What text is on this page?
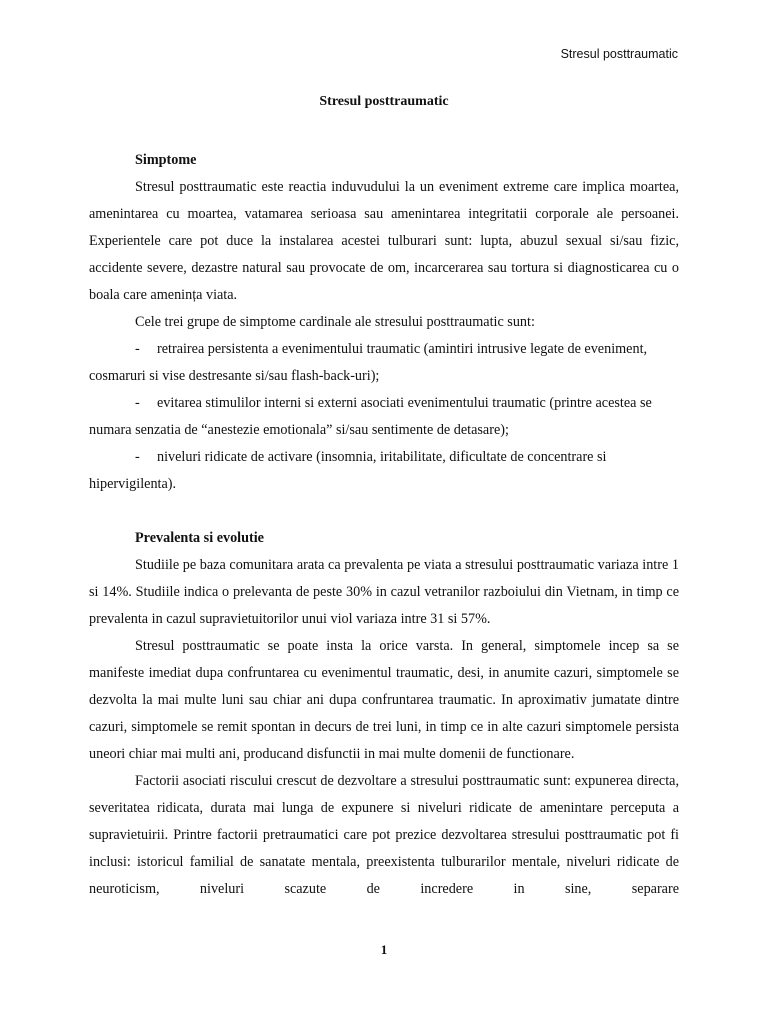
Stresul posttraumatic
Stresul posttraumatic

Simptome

Stresul posttraumatic este reactia induvudului la un eveniment extreme care implica moartea, amenintarea cu moartea, vatamarea serioasa sau amenintarea integritatii corporale ale persoanei. Experientele care pot duce la instalarea acestei tulburari sunt: lupta, abuzul sexual si/sau fizic, accidente severe, dezastre natural sau provocate de om, incarcerarea sau tortura si diagnosticarea cu o boala care amenința viata.

Cele trei grupe de simptome cardinale ale stresului posttraumatic sunt:

- retrairea persistenta a evenimentului traumatic (amintiri intrusive legate de eveniment, cosmaruri si vise destresante si/sau flash-back-uri);

- evitarea stimulilor interni si externi asociati evenimentului traumatic (printre acestea se numara senzatia de “anestezie emotionala” si/sau sentimente de detasare);

- niveluri ridicate de activare (insomnia, iritabilitate, dificultate de concentrare si hipervigilenta).

Prevalenta si evolutie

Studiile pe baza comunitara arata ca prevalenta pe viata a stresului posttraumatic variaza intre 1 si 14%. Studiile indica o prelevanta de peste 30% in cazul vetranilor razboiului din Vietnam, in timp ce prevalenta in cazul supravietuitorilor unui viol variaza intre 31 si 57%.

Stresul posttraumatic se poate insta la orice varsta. In general, simptomele incep sa se manifeste imediat dupa confruntarea cu evenimentul traumatic, desi, in anumite cazuri, simptomele se dezvolta la mai multe luni sau chiar ani dupa confruntarea traumatic. In aproximativ jumatate dintre cazuri, simptomele se remit spontan in decurs de trei luni, in timp ce in alte cazuri simptomele persista uneori chiar mai multi ani, producand disfunctii in mai multe domenii de functionare.

Factorii asociati riscului crescut de dezvoltare a stresului posttraumatic sunt: expunerea directa, severitatea ridicata, durata mai lunga de expunere si niveluri ridicate de amenintare perceputa a supravietuirii. Printre factorii pretraumatici care pot prezice dezvoltarea stresului posttraumatic pot fi inclusi: istoricul familial de sanatate mentala, preexistenta tulburarilor mentale, niveluri ridicate de neuroticism, niveluri scazute de incredere in sine, separare

1
